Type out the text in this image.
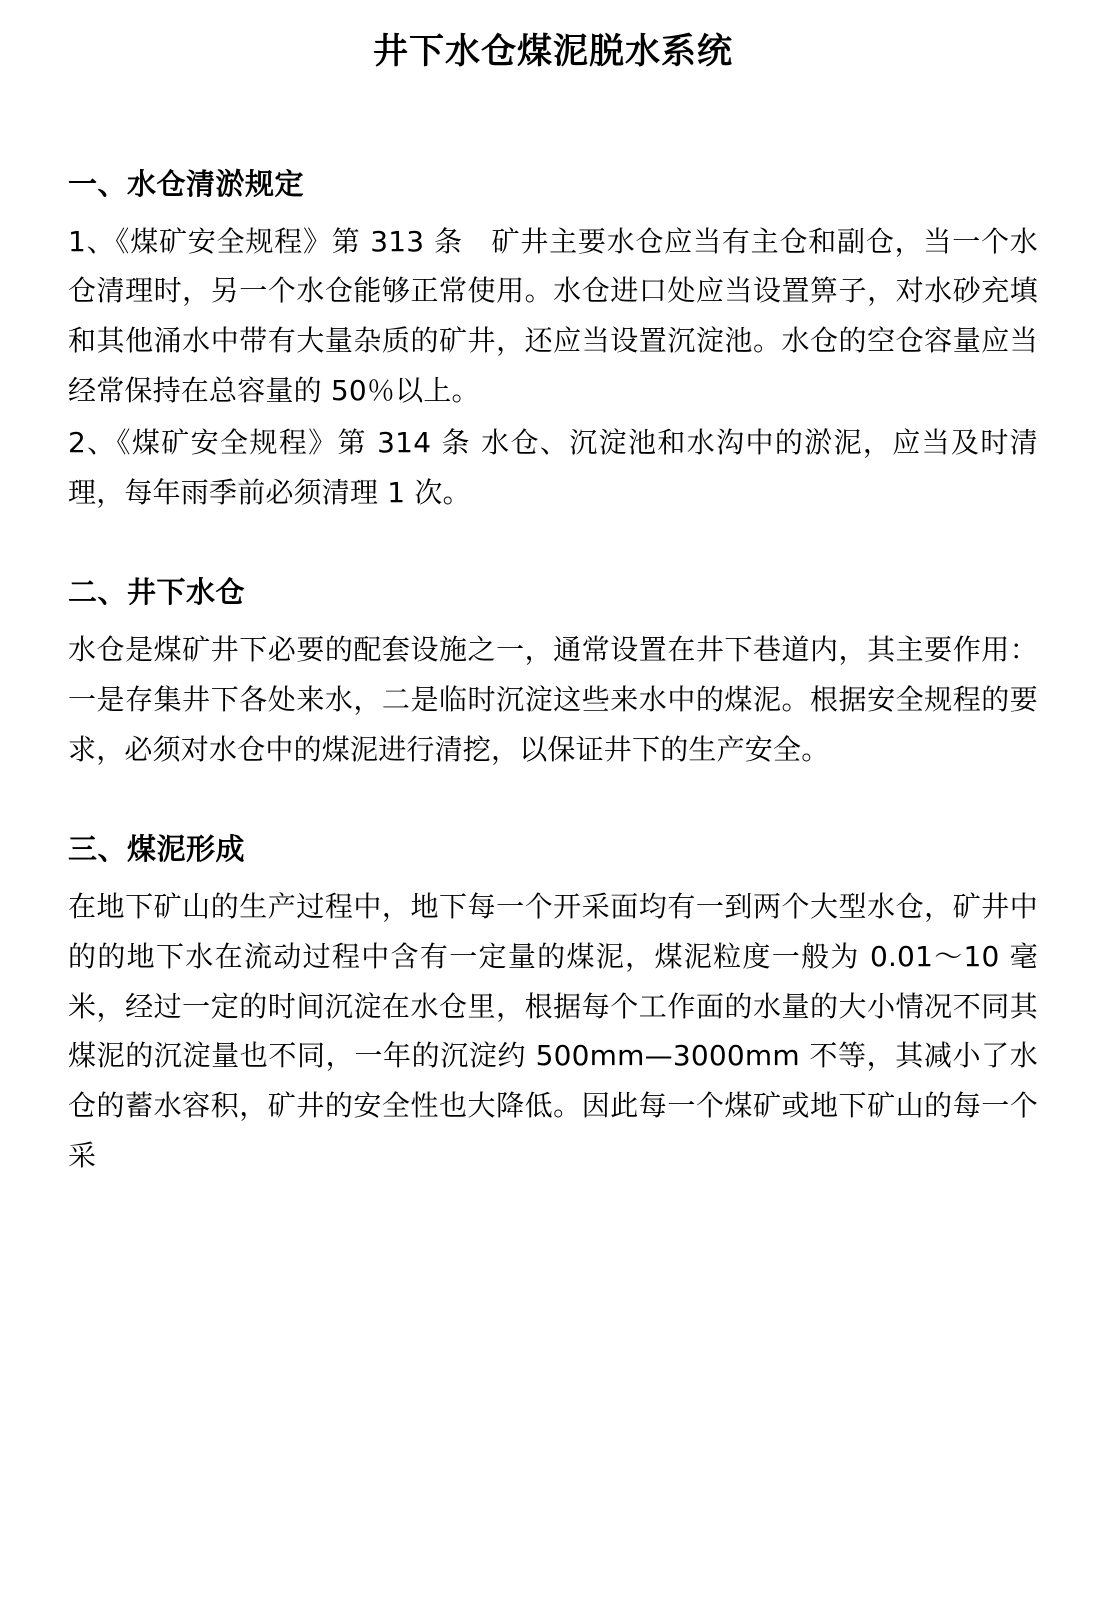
井下水仓煤泥脱水系统
一、水仓清淤规定

1、《煤矿安全规程》第 313 条　矿井主要水仓应当有主仓和副仓，当一个水仓清理时，另一个水仓能够正常使用。水仓进口处应当设置箅子，对水砂充填和其他涌水中带有大量杂质的矿井，还应当设置沉淀池。水仓的空仓容量应当经常保持在总容量的 50％以上。

2、《煤矿安全规程》第 314 条 水仓、沉淀池和水沟中的淤泥，应当及时清理，每年雨季前必须清理 1 次。

二、井下水仓

水仓是煤矿井下必要的配套设施之一，通常设置在井下巷道内，其主要作用：一是存集井下各处来水，二是临时沉淀这些来水中的煤泥。根据安全规程的要求，必须对水仓中的煤泥进行清挖，以保证井下的生产安全。

三、煤泥形成

在地下矿山的生产过程中，地下每一个开采面均有一到两个大型水仓，矿井中的的地下水在流动过程中含有一定量的煤泥，煤泥粒度一般为 0.01～10 毫米，经过一定的时间沉淀在水仓里，根据每个工作面的水量的大小情况不同其煤泥的沉淀量也不同，一年的沉淀约 500mm—3000mm 不等，其减小了水仓的蓄水容积，矿井的安全性也大降低。因此每一个煤矿或地下矿山的每一个采
